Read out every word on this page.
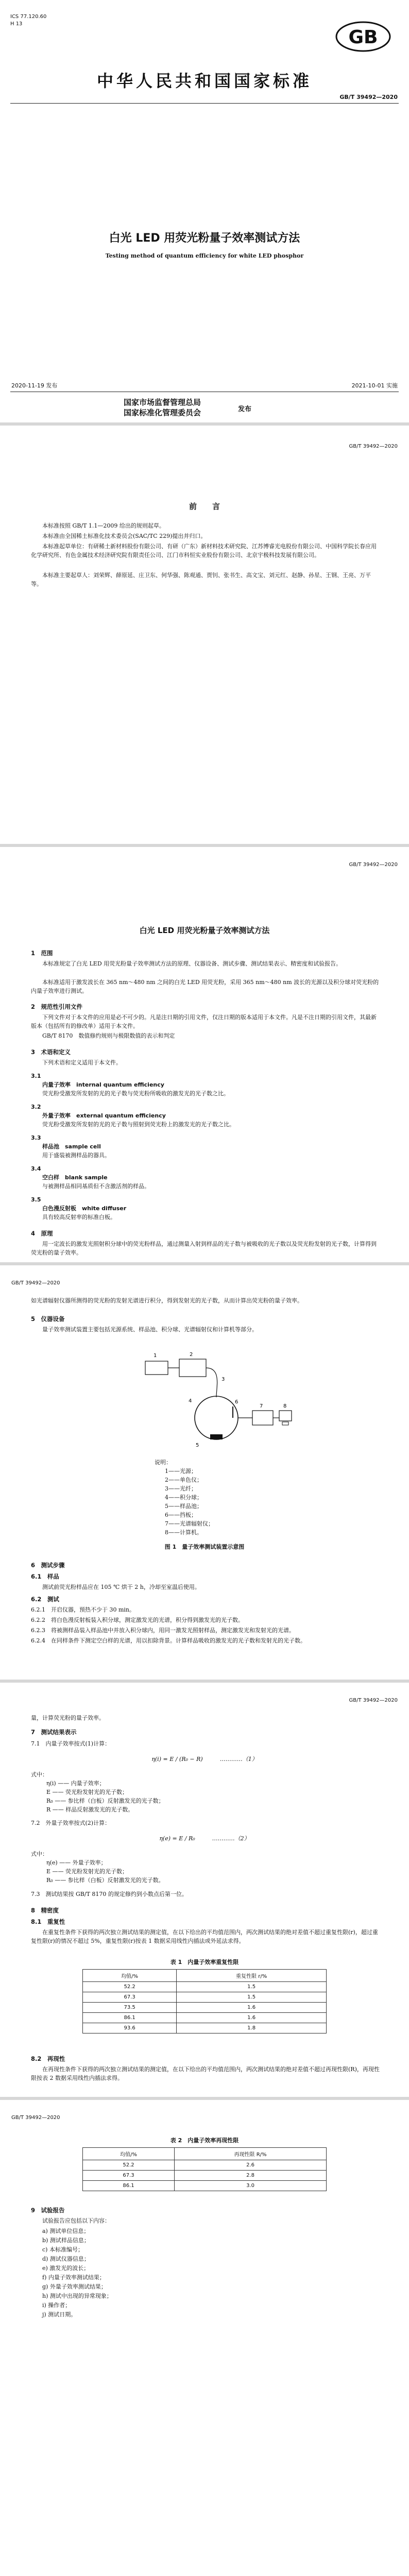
ICS 77.120.60
H 13
GB
中华人民共和国国家标准
GB/T 39492—2020
白光 LED 用荧光粉量子效率测试方法
Testing method of quantum efficiency for white LED phosphor
2020-11-19 发布	2021-10-01 实施
国家市场监督管理总局
国家标准化管理委员会	发布
GB/T 39492—2020
前　　言
本标准按照 GB/T 1.1—2009 给出的规则起草。
本标准由全国稀土标准化技术委员会(SAC/TC 229)提出并归口。
本标准起草单位：有研稀土新材料股份有限公司、有研（广东）新材料技术研究院、江苏博睿光电股份有限公司、中国科学院长春应用化学研究所、有色金属技术经济研究院有限责任公司、江门市科恒实业股份有限公司、北京宇极科技发展有限公司。
本标准主要起草人：刘荣辉、薛原延、庄卫东、何华强、陈观通、贾钊、张书生、高文宝、刘元红、赵静、孙星、王钢、王亮、万平等。
GB/T 39492—2020
白光 LED 用荧光粉量子效率测试方法
1　范围
本标准规定了白光 LED 用荧光粉量子效率测试方法的原理、仪器设备、测试步骤、测试结果表示、精密度和试验报告。
本标准适用于激发波长在 365 nm～480 nm 之间的白光 LED 用荧光粉，采用 365 nm～480 nm 波长的光源以及积分球对荧光粉的内量子效率进行测试。
2　规范性引用文件
下列文件对于本文件的应用是必不可少的。凡是注日期的引用文件，仅注日期的版本适用于本文件。凡是不注日期的引用文件，其最新版本（包括所有的修改单）适用于本文件。
GB/T 8170　数值修约规则与极限数值的表示和判定
3　术语和定义
下列术语和定义适用于本文件。
3.1
内量子效率　internal quantum efficiency
荧光粉受激发所发射的光的光子数与荧光粉所吸收的激发光的光子数之比。
3.2
外量子效率　external quantum efficiency
荧光粉受激发所发射的光的光子数与照射到荧光粉上的激发光的光子数之比。
3.3
样品池　sample cell
用于盛装被测样品的器具。
3.4
空白样　blank sample
与被测样品相同基质但不含激活剂的样品。
3.5
白色漫反射板　white diffuser
具有较高反射率的标准白板。
4　原理
用一定波长的激发光照射积分球中的荧光粉样品，通过测量入射到样品的光子数与被吸收的光子数以及荧光粉发射的光子数，计算得到荧光粉的量子效率。
GB/T 39492—2020
如光谱辐射仪器所测得的荧光粉的发射光谱进行积分，得到发射光的光子数，从而计算出荧光粉的量子效率。
5　仪器设备
量子效率测试装置主要包括光源系统、样品池、积分球、光谱辐射仪和计算机等部分。
1	2
3
4
5
6
7	8
说明：
1——光源；
2——单色仪；
3——光纤；
4——积分球；
5——样品池；
6——挡板；
7——光谱辐射仪；
8——计算机。
图 1　量子效率测试装置示意图
6　测试步骤
6.1　样品
测试前荧光粉样品应在 105 ℃ 烘干 2 h，冷却至室温后使用。
6.2　测试
6.2.1　开启仪器，预热不少于 30 min。
6.2.2　将白色漫反射板装入积分球，测定激发光的光谱，积分得到激发光的光子数。
6.2.3　将被测样品装入样品池中并放入积分球内，用同一激发光照射样品，测定激发光和发射光的光谱。
6.2.4　在同样条件下测定空白样的光谱，用以扣除背景。计算样品吸收的激发光的光子数和发射光的光子数。
GB/T 39492—2020
量，计算荧光粉的量子效率。
7　测试结果表示
7.1　内量子效率按式(1)计算：
η(i) = E / (R₀ − R)　　　…………（1）
式中：
η(i) —— 内量子效率；
E —— 荧光粉发射光的光子数；
R₀ —— 参比样（白板）反射激发光的光子数；
R —— 样品反射激发光的光子数。
7.2　外量子效率按式(2)计算：
η(e) = E / R₀　　　…………（2）
式中：
η(e) —— 外量子效率；
E —— 荧光粉发射光的光子数；
R₀ —— 参比样（白板）反射激发光的光子数。
7.3　测试结果按 GB/T 8170 的规定修约到小数点后第一位。
8　精密度
8.1　重复性
在重复性条件下获得的两次独立测试结果的测定值，在以下给出的平均值范围内，两次测试结果的绝对差值不超过重复性限(r)，超过重复性限(r)的情况不超过 5%，重复性限(r)按表 1 数据采用线性内插法或外延法求得。
表 1　内量子效率重复性限
均值/%	重复性限 r/%
52.2	1.5
67.3	1.5
73.5	1.6
86.1	1.6
93.6	1.8
8.2　再现性
在再现性条件下获得的两次独立测试结果的测定值，在以下给出的平均值范围内，两次测试结果的绝对差值不超过再现性限(R)，再现性限按表 2 数据采用线性内插法求得。
GB/T 39492—2020
表 2　内量子效率再现性限
均值/%	再现性限 R/%
52.2	2.6
67.3	2.8
86.1	3.0
9　试验报告
试验报告应包括以下内容：
a) 测试单位信息；
b) 测试样品信息；
c) 本标准编号；
d) 测试仪器信息；
e) 激发光的波长；
f) 内量子效率测试结果；
g) 外量子效率测试结果；
h) 测试中出现的异常现象；
i) 操作者；
j) 测试日期。
